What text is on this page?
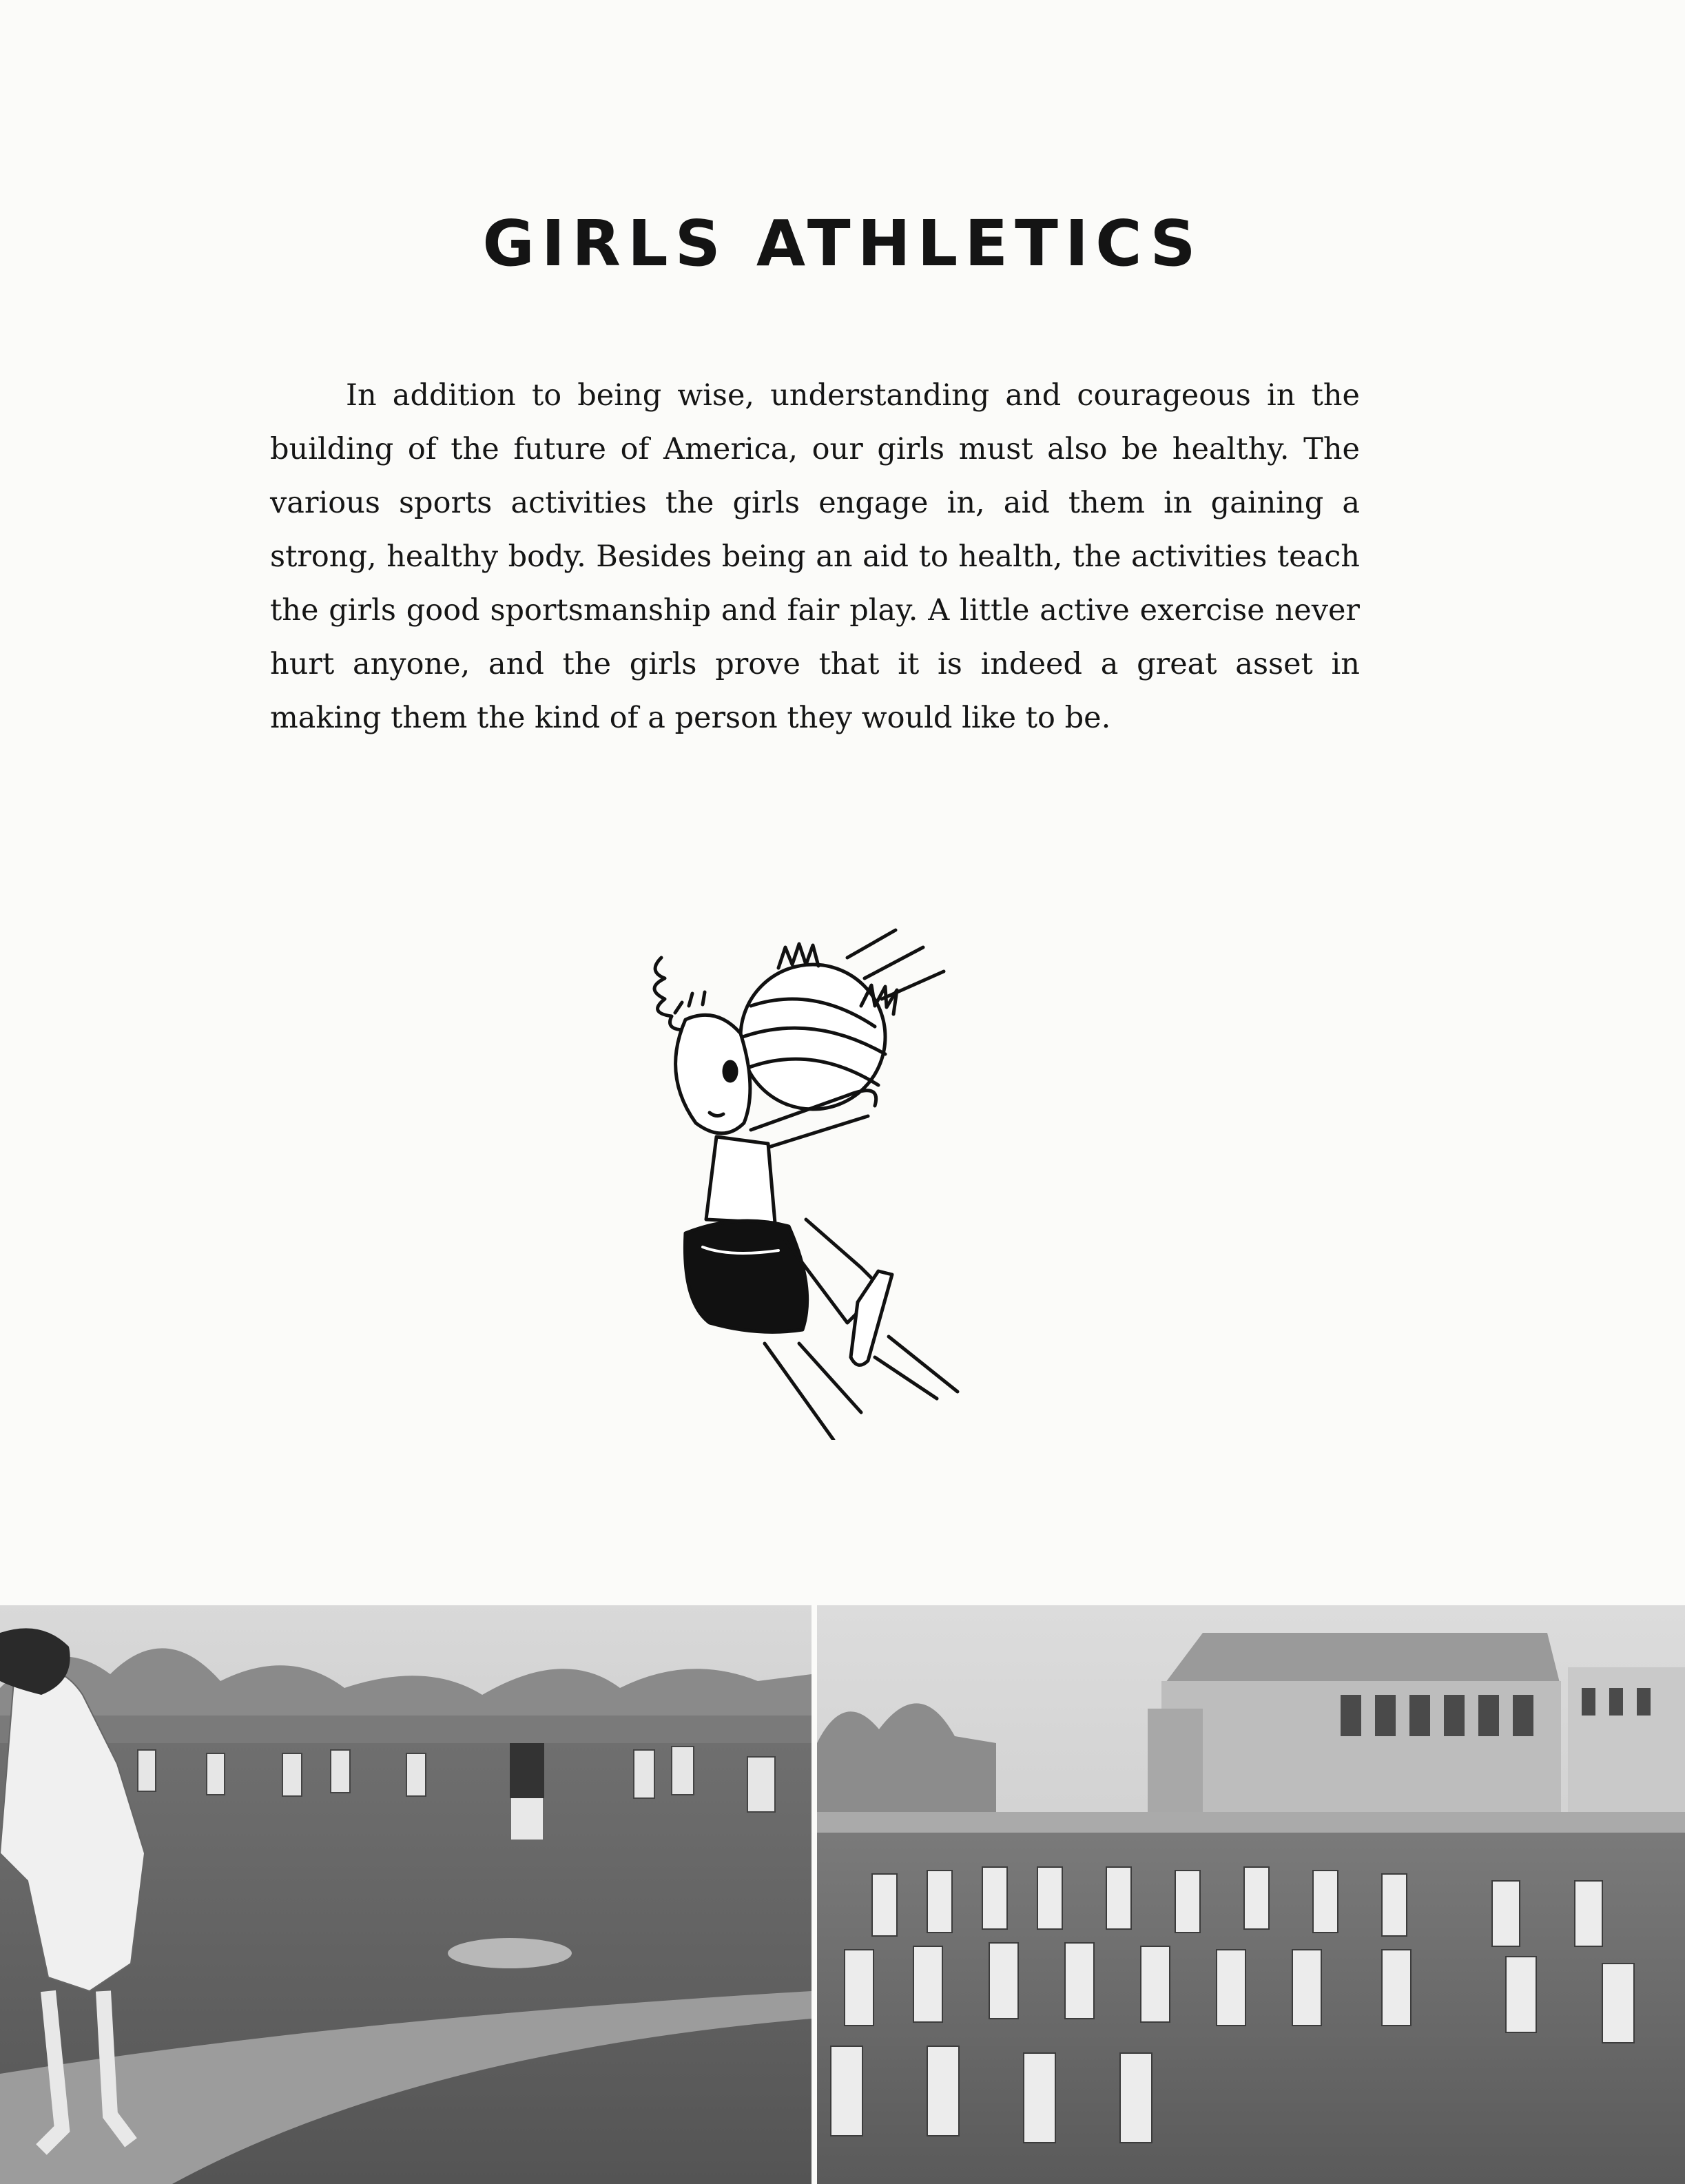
GIRLS ATHLETICS

In addition to being wise, understanding and courageous in the building of the future of America, our girls must also be healthy. The various sports activities the girls engage in, aid them in gaining a strong, healthy body. Besides being an aid to health, the activities teach the girls good sportsmanship and fair play. A little active exercise never hurt anyone, and the girls prove that it is indeed a great asset in making them the kind of a person they would like to be.
